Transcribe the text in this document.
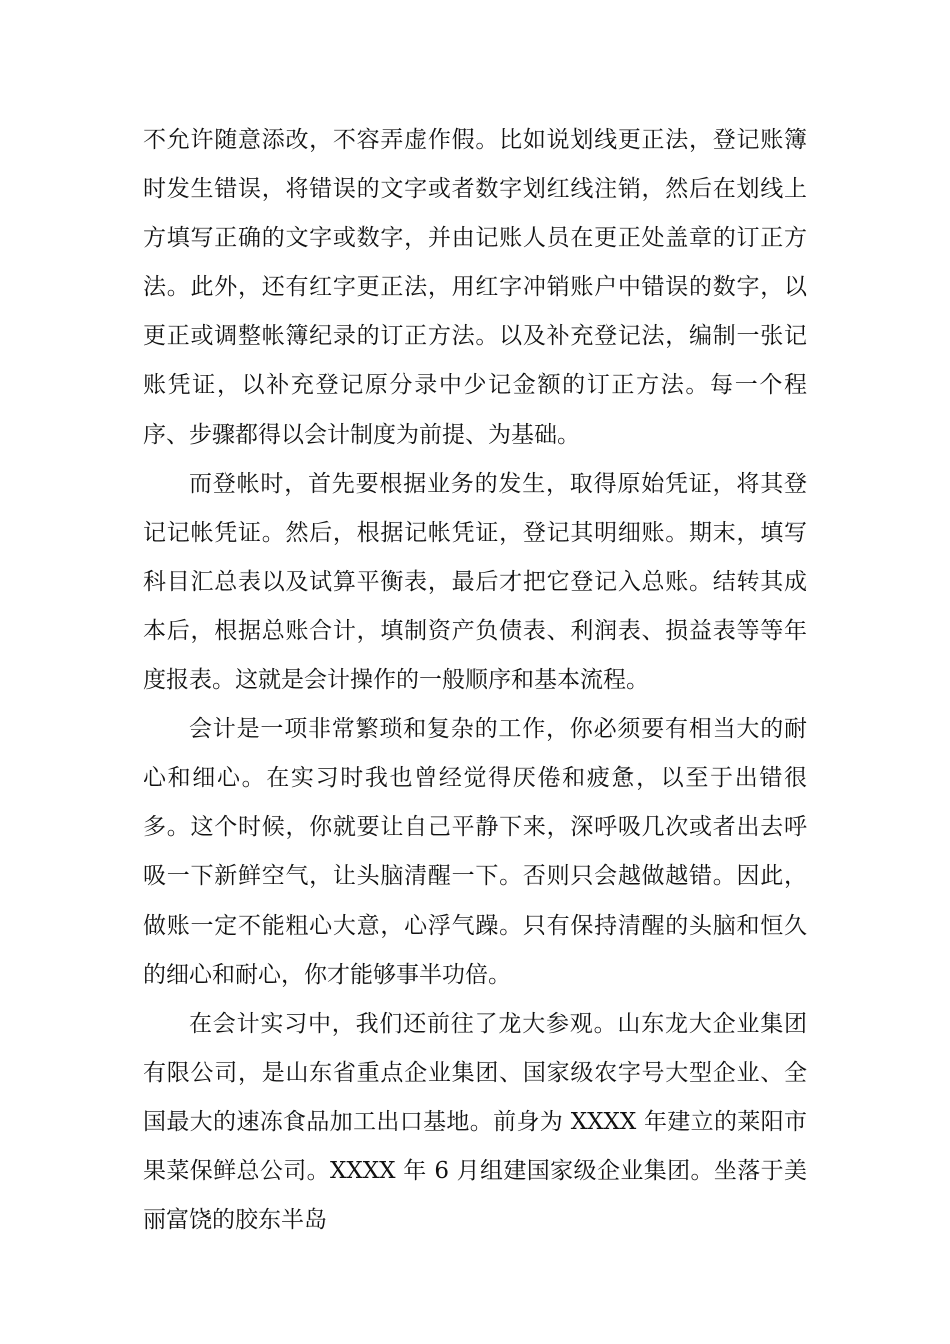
不允许随意添改，不容弄虚作假。比如说划线更正法，登记账簿时发生错误，将错误的文字或者数字划红线注销，然后在划线上方填写正确的文字或数字，并由记账人员在更正处盖章的订正方法。此外，还有红字更正法，用红字冲销账户中错误的数字，以更正或调整帐簿纪录的订正方法。以及补充登记法，编制一张记账凭证，以补充登记原分录中少记金额的订正方法。每一个程序、步骤都得以会计制度为前提、为基础。

而登帐时，首先要根据业务的发生，取得原始凭证，将其登记记帐凭证。然后，根据记帐凭证，登记其明细账。期末，填写科目汇总表以及试算平衡表，最后才把它登记入总账。结转其成本后，根据总账合计，填制资产负债表、利润表、损益表等等年度报表。这就是会计操作的一般顺序和基本流程。

会计是一项非常繁琐和复杂的工作，你必须要有相当大的耐心和细心。在实习时我也曾经觉得厌倦和疲惫，以至于出错很多。这个时候，你就要让自己平静下来，深呼吸几次或者出去呼吸一下新鲜空气，让头脑清醒一下。否则只会越做越错。因此，做账一定不能粗心大意，心浮气躁。只有保持清醒的头脑和恒久的细心和耐心，你才能够事半功倍。

在会计实习中，我们还前往了龙大参观。山东龙大企业集团有限公司，是山东省重点企业集团、国家级农字号大型企业、全国最大的速冻食品加工出口基地。前身为 XXXX 年建立的莱阳市果菜保鲜总公司。XXXX 年 6 月组建国家级企业集团。坐落于美丽富饶的胶东半岛
